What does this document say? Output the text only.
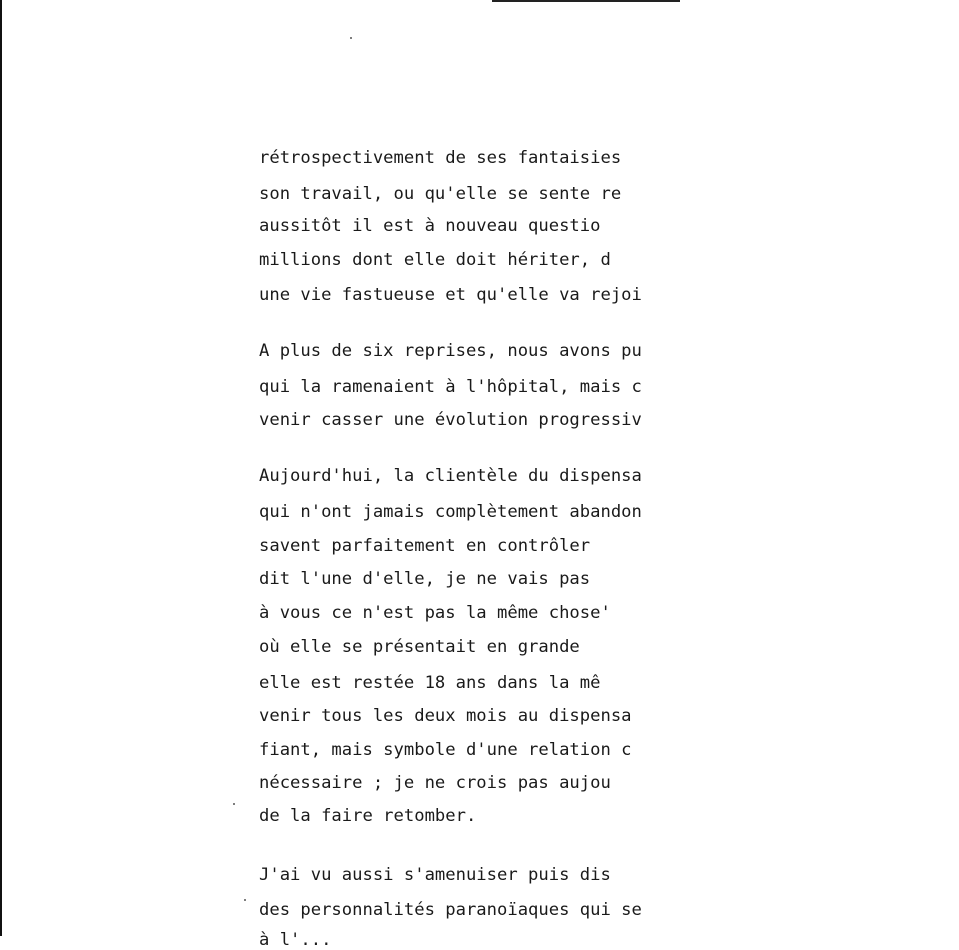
rétrospectivement de ses fantaisies

son travail, ou qu'elle se sente re

aussitôt il est à nouveau questio

millions dont elle doit hériter, d

une vie fastueuse et qu'elle va rejoi

A plus de six reprises, nous avons pu

qui la ramenaient à l'hôpital, mais c

venir casser une évolution progressiv

Aujourd'hui, la clientèle du dispensa

qui n'ont jamais complètement abandon

savent parfaitement en contrôler

dit l'une d'elle, je ne vais pas

à vous ce n'est pas la même chose'

où elle se présentait en grande

elle est restée 18 ans dans la mê

venir tous les deux mois au dispensa

fiant, mais symbole d'une relation c

nécessaire ; je ne crois pas aujou

de la faire retomber.

J'ai vu aussi s'amenuiser puis dis

des personnalités paranoïaques qui se

à l'...
